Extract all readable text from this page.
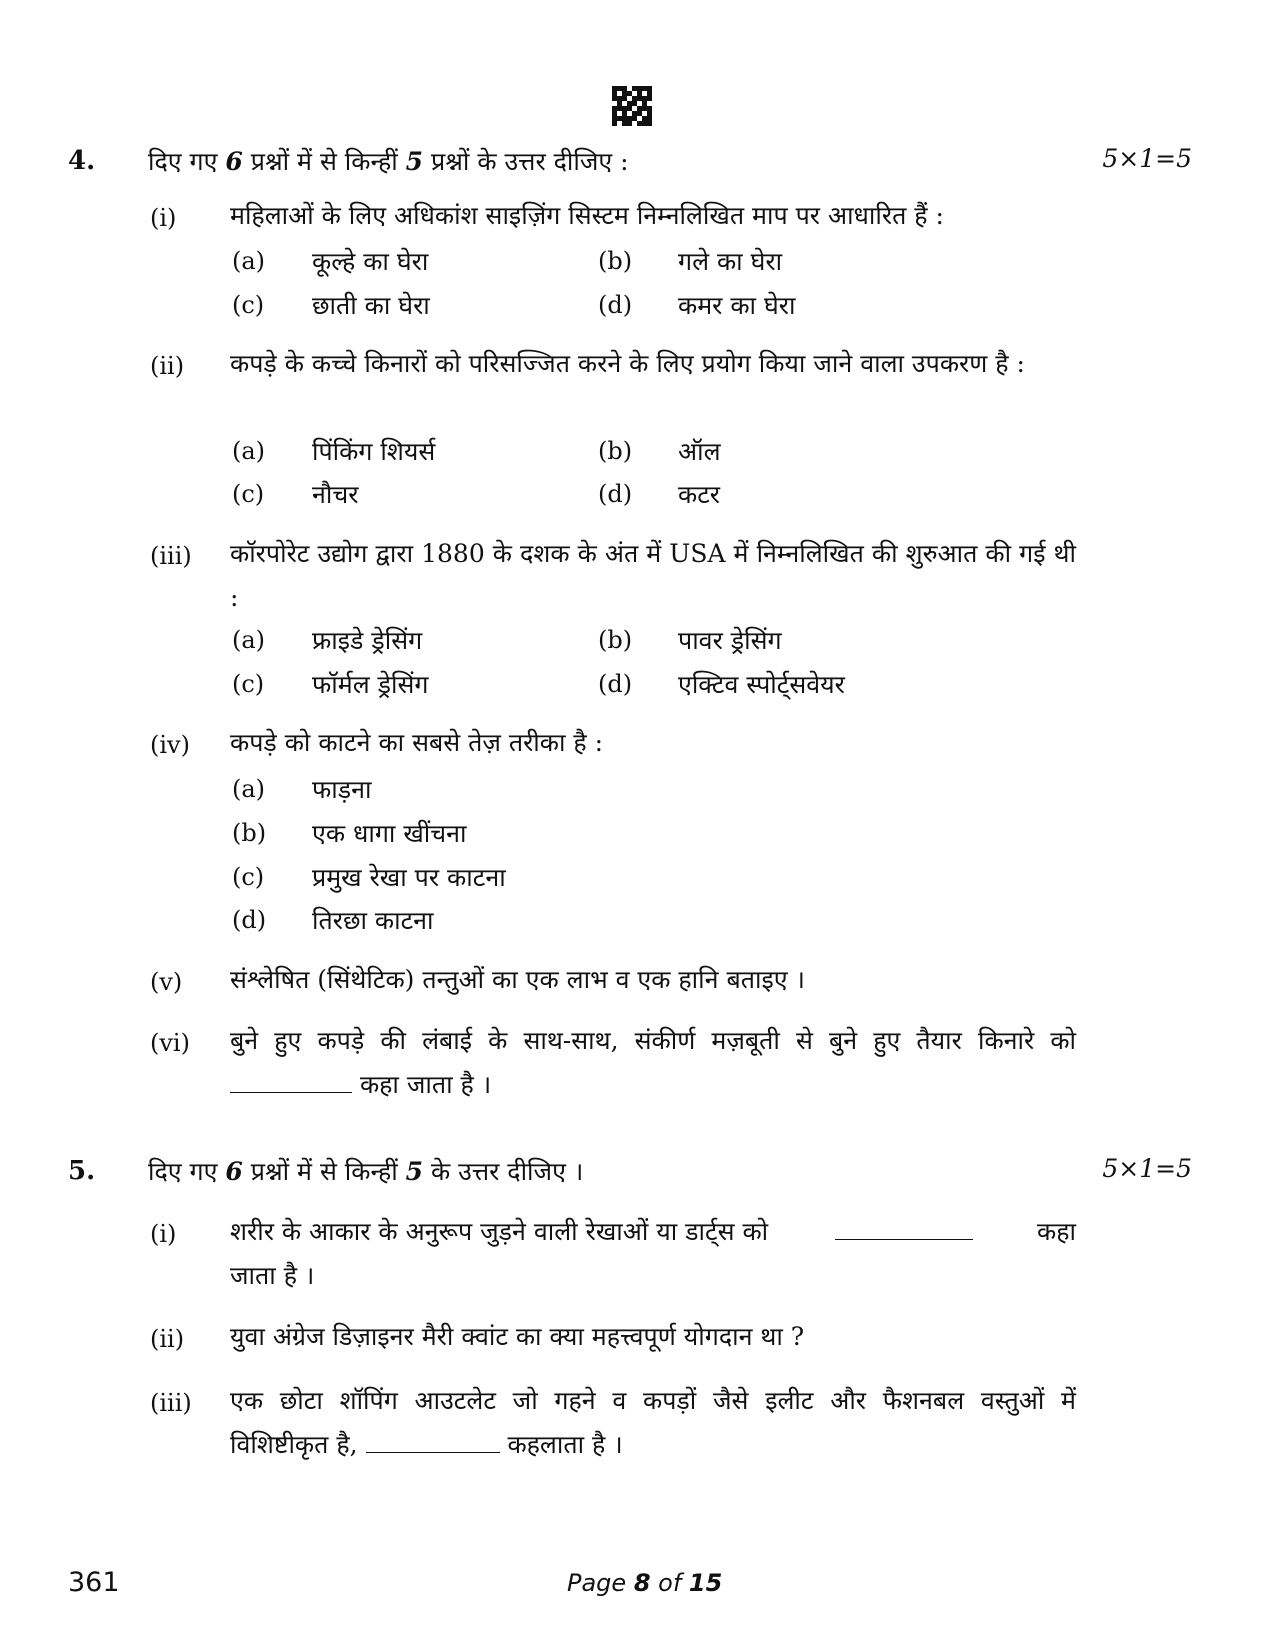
4. दिए गए 6 प्रश्नों में से किन्हीं 5 प्रश्नों के उत्तर दीजिए :	5×1=5
(i) महिलाओं के लिए अधिकांश साइज़िंग सिस्टम निम्नलिखित माप पर आधारित हैं :
(a) कूल्हे का घेरा	(b) गले का घेरा
(c) छाती का घेरा	(d) कमर का घेरा
(ii) कपड़े के कच्चे किनारों को परिसज्जित करने के लिए प्रयोग किया जाने वाला उपकरण है :
(a) पिंकिंग शियर्स	(b) ऑल
(c) नौचर	(d) कटर
(iii) कॉरपोरेट उद्योग द्वारा 1880 के दशक के अंत में USA में निम्नलिखित की शुरुआत की गई थी :
(a) फ्राइडे ड्रेसिंग	(b) पावर ड्रेसिंग
(c) फॉर्मल ड्रेसिंग	(d) एक्टिव स्पोर्ट्सवेयर
(iv) कपड़े को काटने का सबसे तेज़ तरीका है :
(a) फाड़ना
(b) एक धागा खींचना
(c) प्रमुख रेखा पर काटना
(d) तिरछा काटना
(v) संश्लेषित (सिंथेटिक) तन्तुओं का एक लाभ व एक हानि बताइए ।
(vi) बुने हुए कपड़े की लंबाई के साथ-साथ, संकीर्ण मज़बूती से बुने हुए तैयार किनारे को
कहा जाता है ।
5. दिए गए 6 प्रश्नों में से किन्हीं 5 के उत्तर दीजिए ।	5×1=5
(i) शरीर के आकार के अनुरूप जुड़ने वाली रेखाओं या डार्ट्स को	कहा
जाता है ।
(ii) युवा अंग्रेज डिज़ाइनर मैरी क्वांट का क्या महत्त्वपूर्ण योगदान था ?
(iii) एक छोटा शॉपिंग आउटलेट जो गहने व कपड़ों जैसे इलीट और फैशनबल वस्तुओं में
विशिष्टीकृत है,	कहलाता है ।
361	Page 8 of 15
